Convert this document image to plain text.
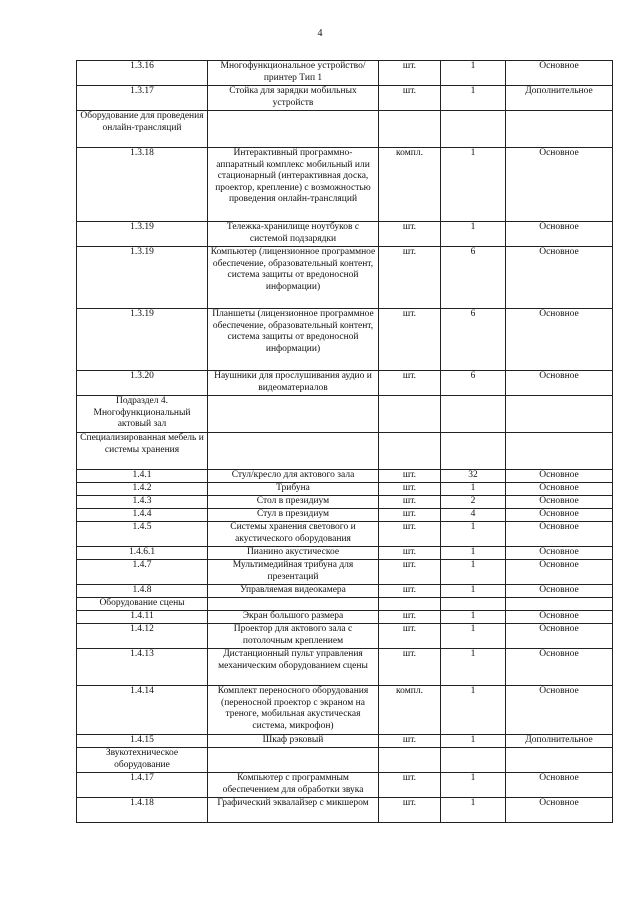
4
1.3.16	Многофункциональное устройство/принтер Тип 1	шт.	1	Основное
1.3.17	Стойка для зарядки мобильных устройств	шт.	1	Дополнительное
Оборудование для проведения онлайн-трансляций				
1.3.18	Интерактивный программно-аппаратный комплекс мобильный или стационарный (интерактивная доска, проектор, крепление) с возможностью проведения онлайн-трансляций	компл.	1	Основное
1.3.19	Тележка-хранилище ноутбуков с системой подзарядки	шт.	1	Основное
1.3.19	Компьютер (лицензионное программное обеспечение, образовательный контент, система защиты от вредоносной информации)	шт.	6	Основное
1.3.19	Планшеты (лицензионное программное обеспечение, образовательный контент, система защиты от вредоносной информации)	шт.	6	Основное
1.3.20	Наушники для прослушивания аудио и видеоматериалов	шт.	6	Основное
Подраздел 4. Многофункциональный актовый зал				
Специализированная мебель и системы хранения				
1.4.1	Стул/кресло для актового зала	шт.	32	Основное
1.4.2	Трибуна	шт.	1	Основное
1.4.3	Стол в президиум	шт.	2	Основное
1.4.4	Стул в президиум	шт.	4	Основное
1.4.5	Системы хранения светового и акустического оборудования	шт.	1	Основное
1.4.6.1	Пианино акустическое	шт.	1	Основное
1.4.7	Мультимедийная трибуна для презентаций	шт.	1	Основное
1.4.8	Управляемая видеокамера	шт.	1	Основное
Оборудование сцены				
1.4.11	Экран большого размера	шт.	1	Основное
1.4.12	Проектор для актового зала с потолочным креплением	шт.	1	Основное
1.4.13	Дистанционный пульт управления механическим оборудованием сцены	шт.	1	Основное
1.4.14	Комплект переносного оборудования (переносной проектор с экраном на треноге, мобильная акустическая система, микрофон)	компл.	1	Основное
1.4.15	Шкаф рэковый	шт.	1	Дополнительное
Звукотехническое оборудование				
1.4.17	Компьютер с программным обеспечением для обработки звука	шт.	1	Основное
1.4.18	Графический эквалайзер с микшером	шт.	1	Основное
